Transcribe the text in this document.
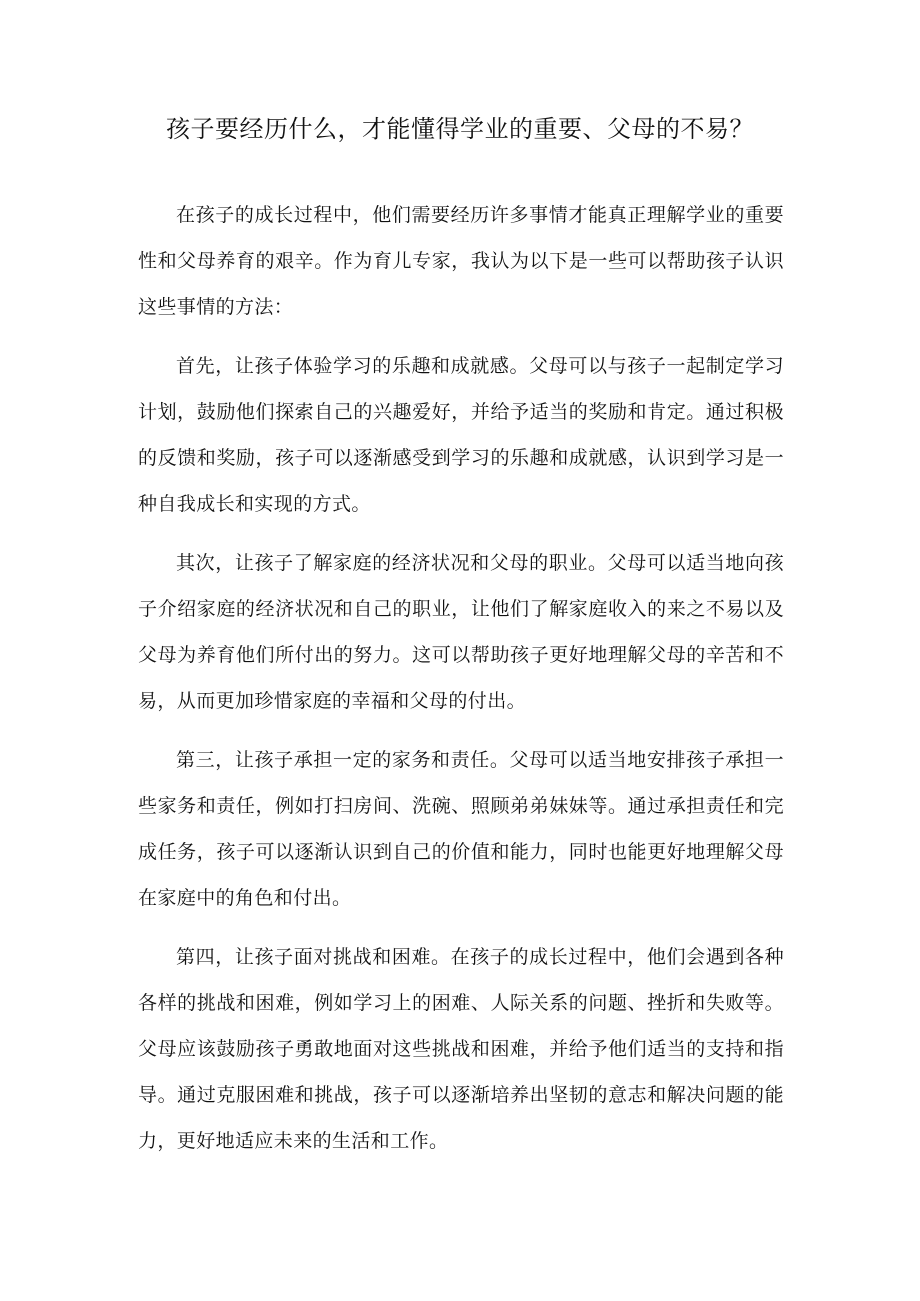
孩子要经历什么，才能懂得学业的重要、父母的不易？

在孩子的成长过程中，他们需要经历许多事情才能真正理解学业的重要性和父母养育的艰辛。作为育儿专家，我认为以下是一些可以帮助孩子认识这些事情的方法：

首先，让孩子体验学习的乐趣和成就感。父母可以与孩子一起制定学习计划，鼓励他们探索自己的兴趣爱好，并给予适当的奖励和肯定。通过积极的反馈和奖励，孩子可以逐渐感受到学习的乐趣和成就感，认识到学习是一种自我成长和实现的方式。

其次，让孩子了解家庭的经济状况和父母的职业。父母可以适当地向孩子介绍家庭的经济状况和自己的职业，让他们了解家庭收入的来之不易以及父母为养育他们所付出的努力。这可以帮助孩子更好地理解父母的辛苦和不易，从而更加珍惜家庭的幸福和父母的付出。

第三，让孩子承担一定的家务和责任。父母可以适当地安排孩子承担一些家务和责任，例如打扫房间、洗碗、照顾弟弟妹妹等。通过承担责任和完成任务，孩子可以逐渐认识到自己的价值和能力，同时也能更好地理解父母在家庭中的角色和付出。

第四，让孩子面对挑战和困难。在孩子的成长过程中，他们会遇到各种各样的挑战和困难，例如学习上的困难、人际关系的问题、挫折和失败等。父母应该鼓励孩子勇敢地面对这些挑战和困难，并给予他们适当的支持和指导。通过克服困难和挑战，孩子可以逐渐培养出坚韧的意志和解决问题的能力，更好地适应未来的生活和工作。
